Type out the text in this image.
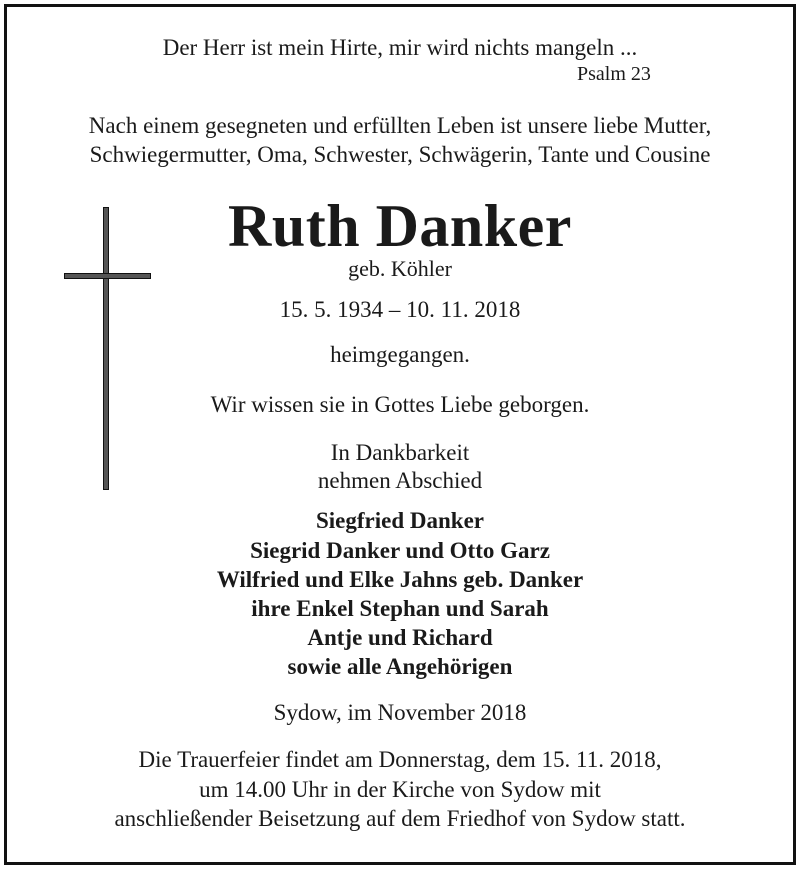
Der Herr ist mein Hirte, mir wird nichts mangeln ...
Psalm 23
Nach einem gesegneten und erfüllten Leben ist unsere liebe Mutter,
Schwiegermutter, Oma, Schwester, Schwägerin, Tante und Cousine
Ruth Danker
geb. Köhler
15. 5. 1934 – 10. 11. 2018
heimgegangen.
Wir wissen sie in Gottes Liebe geborgen.
In Dankbarkeit
nehmen Abschied
Siegfried Danker
Siegrid Danker und Otto Garz
Wilfried und Elke Jahns geb. Danker
ihre Enkel Stephan und Sarah
Antje und Richard
sowie alle Angehörigen
Sydow, im November 2018
Die Trauerfeier findet am Donnerstag, dem 15. 11. 2018,
um 14.00 Uhr in der Kirche von Sydow mit
anschließender Beisetzung auf dem Friedhof von Sydow statt.
